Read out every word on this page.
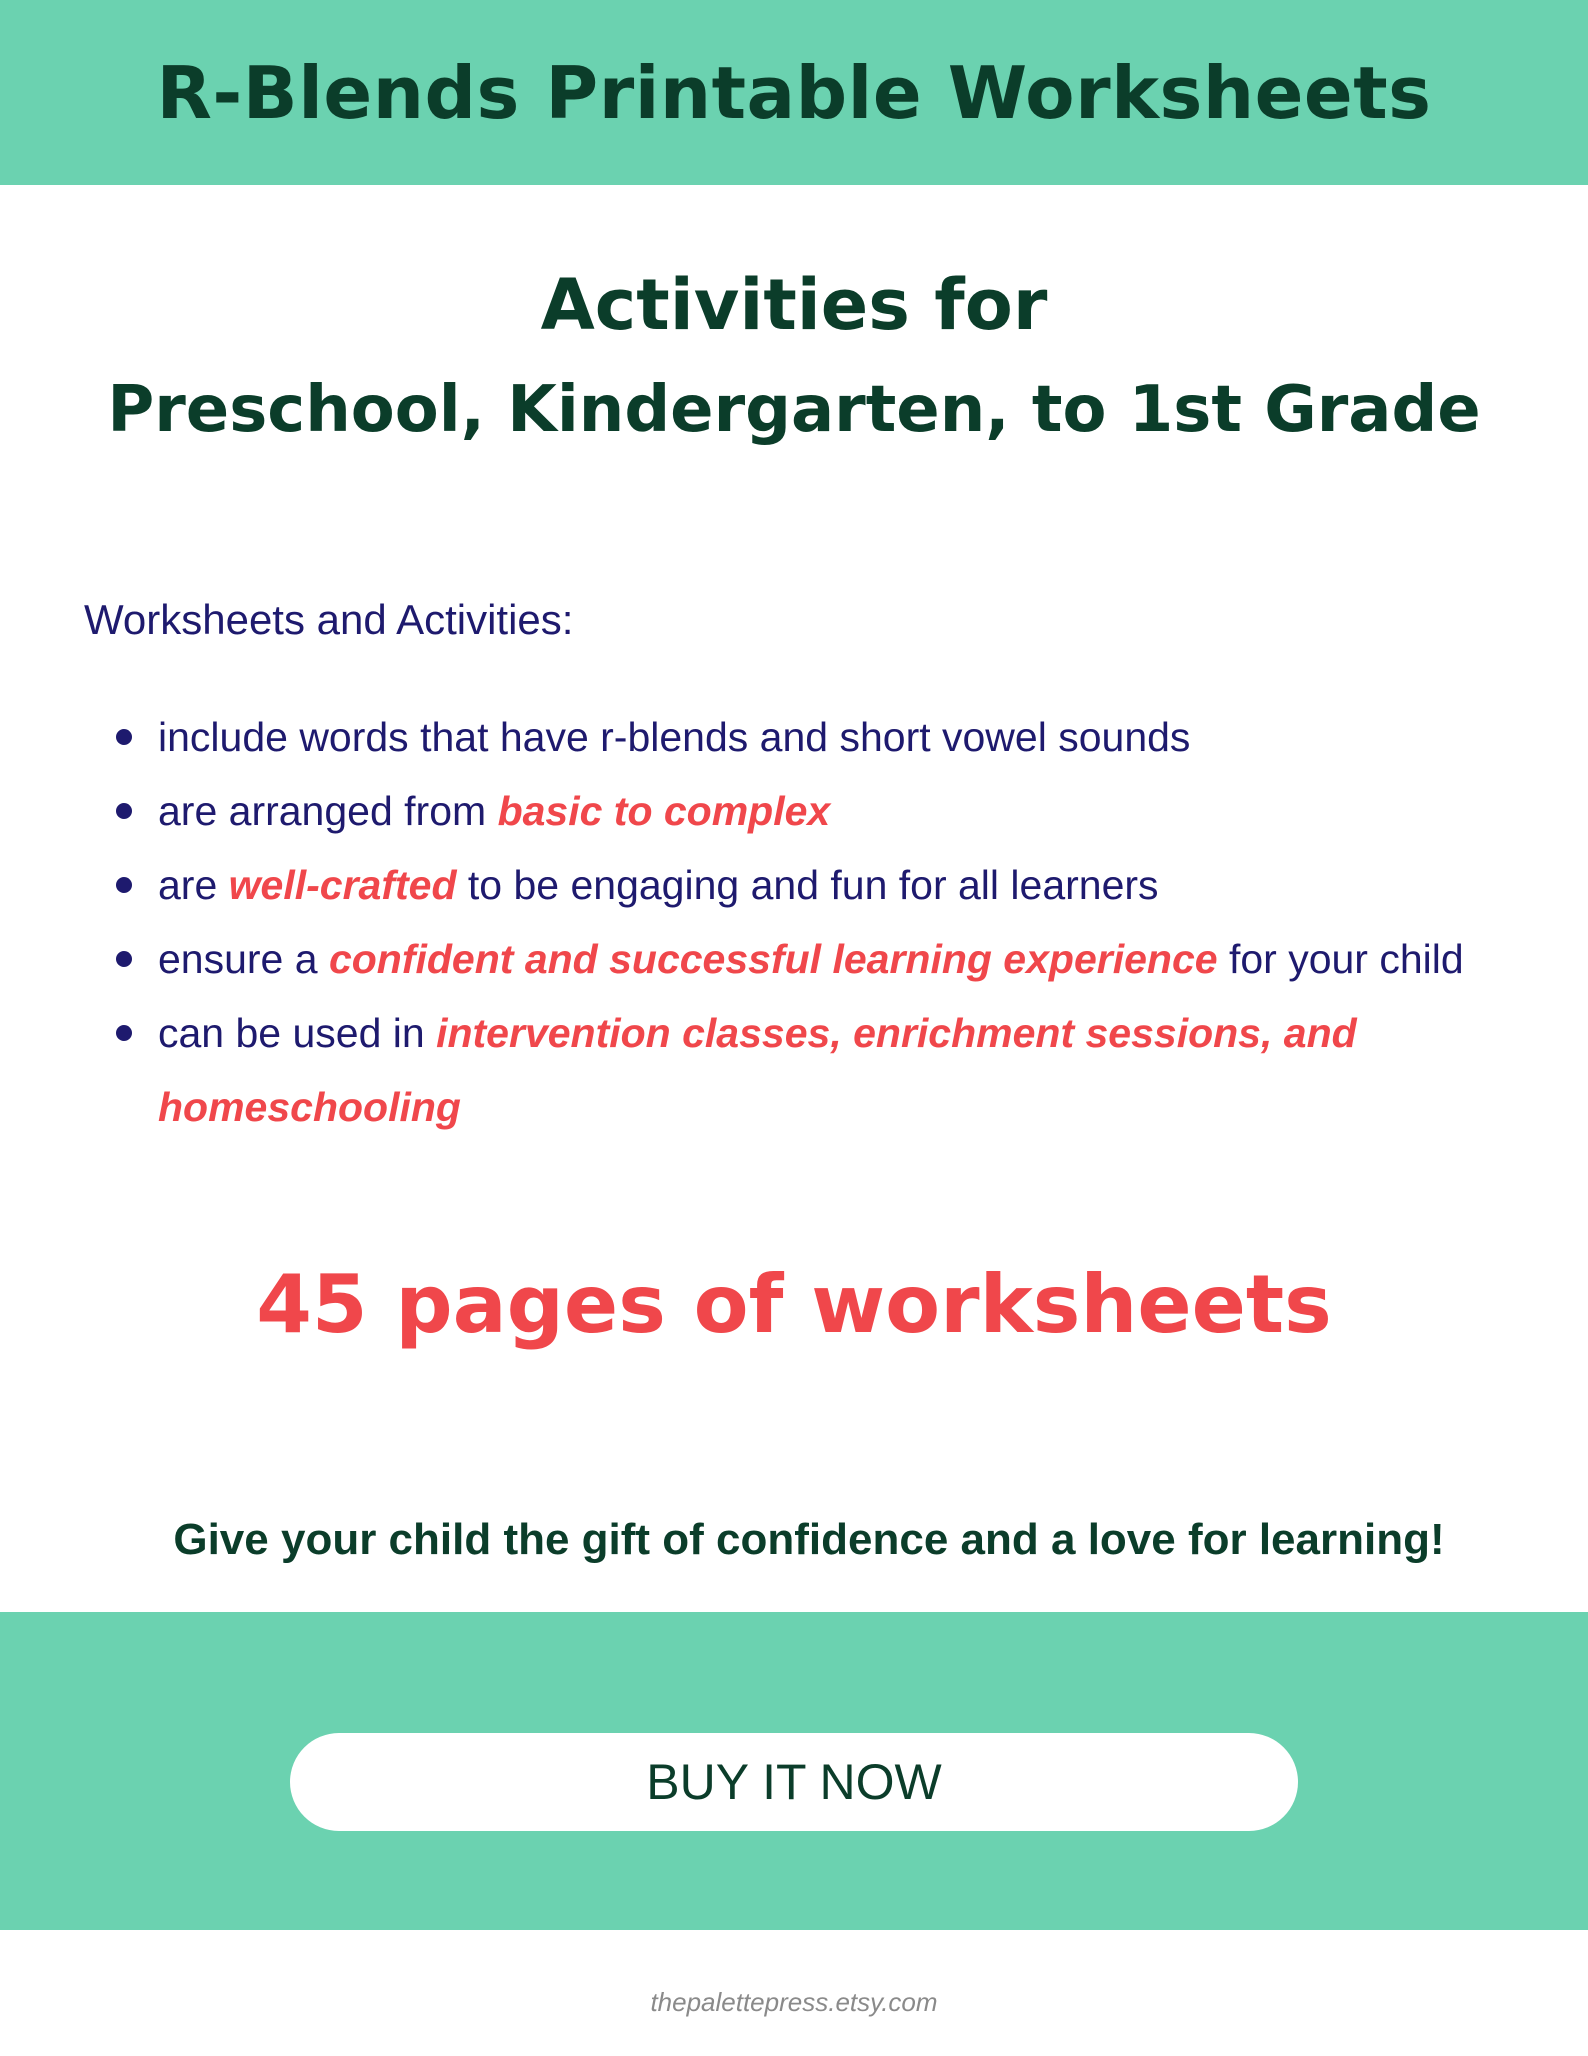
R-Blends Printable Worksheets
Activities for
Preschool, Kindergarten, to 1st Grade
Worksheets and Activities:
include words that have r-blends and short vowel sounds
are arranged from basic to complex
are well-crafted to be engaging and fun for all learners
ensure a confident and successful learning experience for your child
can be used in intervention classes, enrichment sessions, and
homeschooling
45 pages of worksheets
Give your child the gift of confidence and a love for learning!
BUY IT NOW
thepalettepress.etsy.com
